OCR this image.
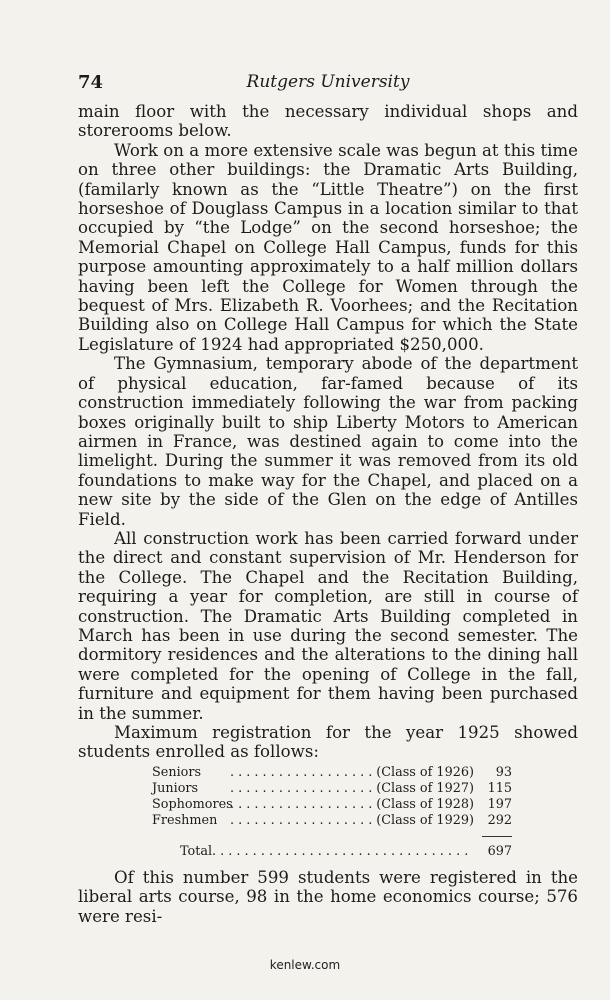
74	Rutgers University

main floor with the necessary individual shops and storerooms below.

Work on a more extensive scale was begun at this time on three other buildings: the Dramatic Arts Building, (familarly known as the “Little Theatre”) on the first horseshoe of Douglass Campus in a location similar to that occupied by “the Lodge” on the second horseshoe; the Memorial Chapel on College Hall Campus, funds for this purpose amounting approximately to a half million dollars having been left the College for Women through the bequest of Mrs. Elizabeth R. Voorhees; and the Recitation Building also on College Hall Campus for which the State Legislature of 1924 had appropriated $250,000.

The Gymnasium, temporary abode of the department of physical education, far-famed because of its construction immediately following the war from packing boxes originally built to ship Liberty Motors to American airmen in France, was destined again to come into the limelight. During the summer it was removed from its old foundations to make way for the Chapel, and placed on a new site by the side of the Glen on the edge of Antilles Field.

All construction work has been carried forward under the direct and constant supervision of Mr. Henderson for the College. The Chapel and the Recitation Building, requiring a year for completion, are still in course of construction. The Dramatic Arts Building completed in March has been in use during the second semester. The dormitory residences and the alterations to the dining hall were completed for the opening of College in the fall, furniture and equipment for them having been purchased in the summer.

Maximum registration for the year 1925 showed students enrolled as follows:

Seniors . . .	(Class of 1926)	93
Juniors . . .	(Class of 1927)	115
Sophomores . . .	(Class of 1928)	197
Freshmen . . .	(Class of 1929)	292
Total . . .	697

Of this number 599 students were registered in the liberal arts course, 98 in the home economics course; 576 were resi-

kenlew.com
